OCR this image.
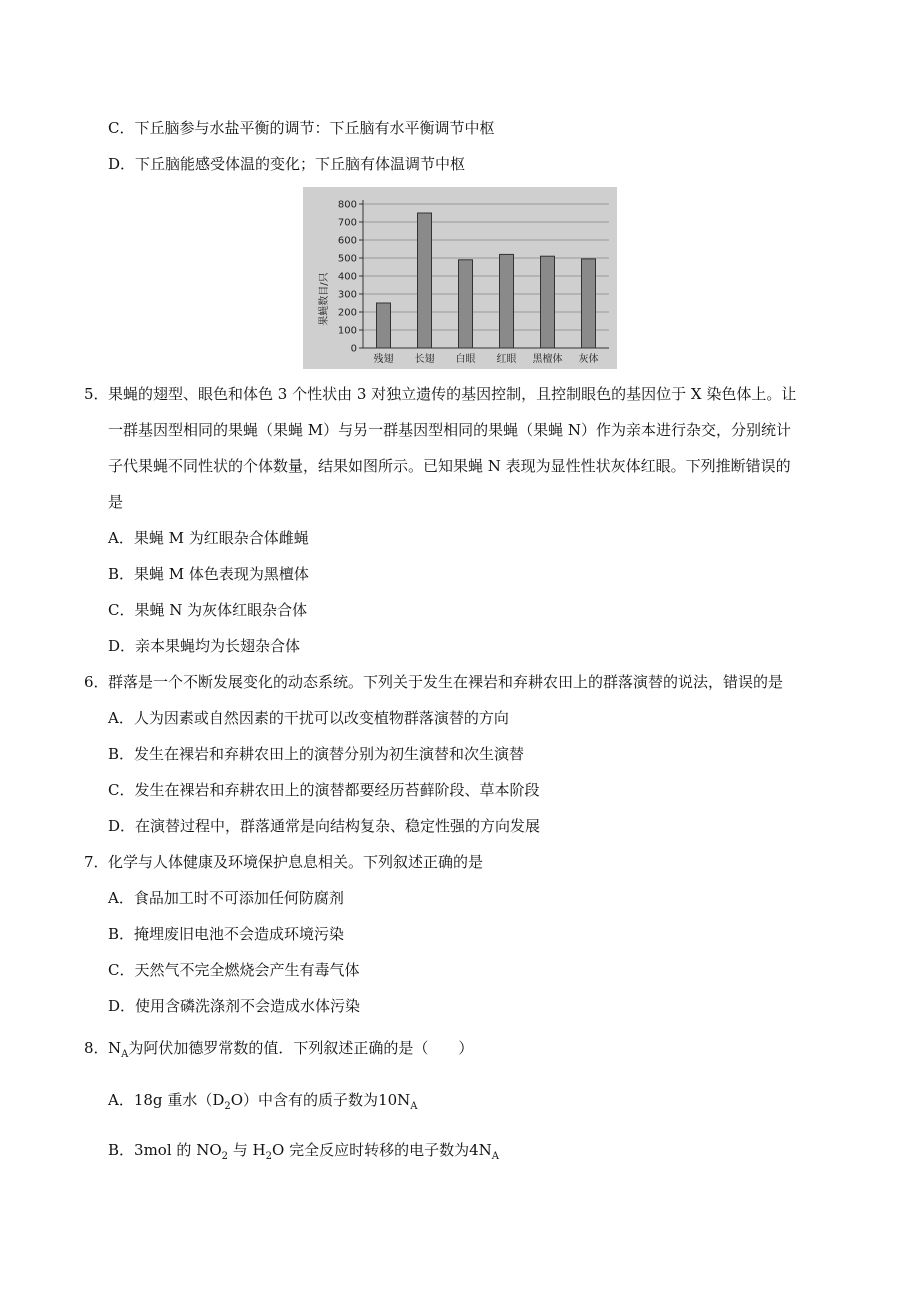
C．下丘脑参与水盐平衡的调节：下丘脑有水平衡调节中枢
D．下丘脑能感受体温的变化；下丘脑有体温调节中枢
0
100
200
300
400
500
600
700
800
残翅 长翅 白眼 红眼 黑檀体 灰体
果蝇数目/只
5． 果蝇的翅型、眼色和体色 3 个性状由 3 对独立遗传的基因控制，且控制眼色的基因位于 X 染色体上。让
一群基因型相同的果蝇（果蝇 M）与另一群基因型相同的果蝇（果蝇 N）作为亲本进行杂交，分别统计
子代果蝇不同性状的个体数量，结果如图所示。已知果蝇 N 表现为显性性状灰体红眼。下列推断错误的
是
A．果蝇 M 为红眼杂合体雌蝇
B．果蝇 M 体色表现为黑檀体
C．果蝇 N 为灰体红眼杂合体
D．亲本果蝇均为长翅杂合体
6． 群落是一个不断发展变化的动态系统。下列关于发生在裸岩和弃耕农田上的群落演替的说法，错误的是
A．人为因素或自然因素的干扰可以改变植物群落演替的方向
B．发生在裸岩和弃耕农田上的演替分别为初生演替和次生演替
C．发生在裸岩和弃耕农田上的演替都要经历苔藓阶段、草本阶段
D．在演替过程中，群落通常是向结构复杂、稳定性强的方向发展
7． 化学与人体健康及环境保护息息相关。下列叙述正确的是
A．食品加工时不可添加任何防腐剂
B．掩埋废旧电池不会造成环境污染
C．天然气不完全燃烧会产生有毒气体
D．使用含磷洗涤剂不会造成水体污染
8． $N_A$为阿伏加德罗常数的值．下列叙述正确的是（　　）
A．18g 重水$(D_2O)$中含有的质子数为$10N_A$
B．3mol 的 $NO_2$ 与 $H_2O$ 完全反应时转移的电子数为$4N_A$
